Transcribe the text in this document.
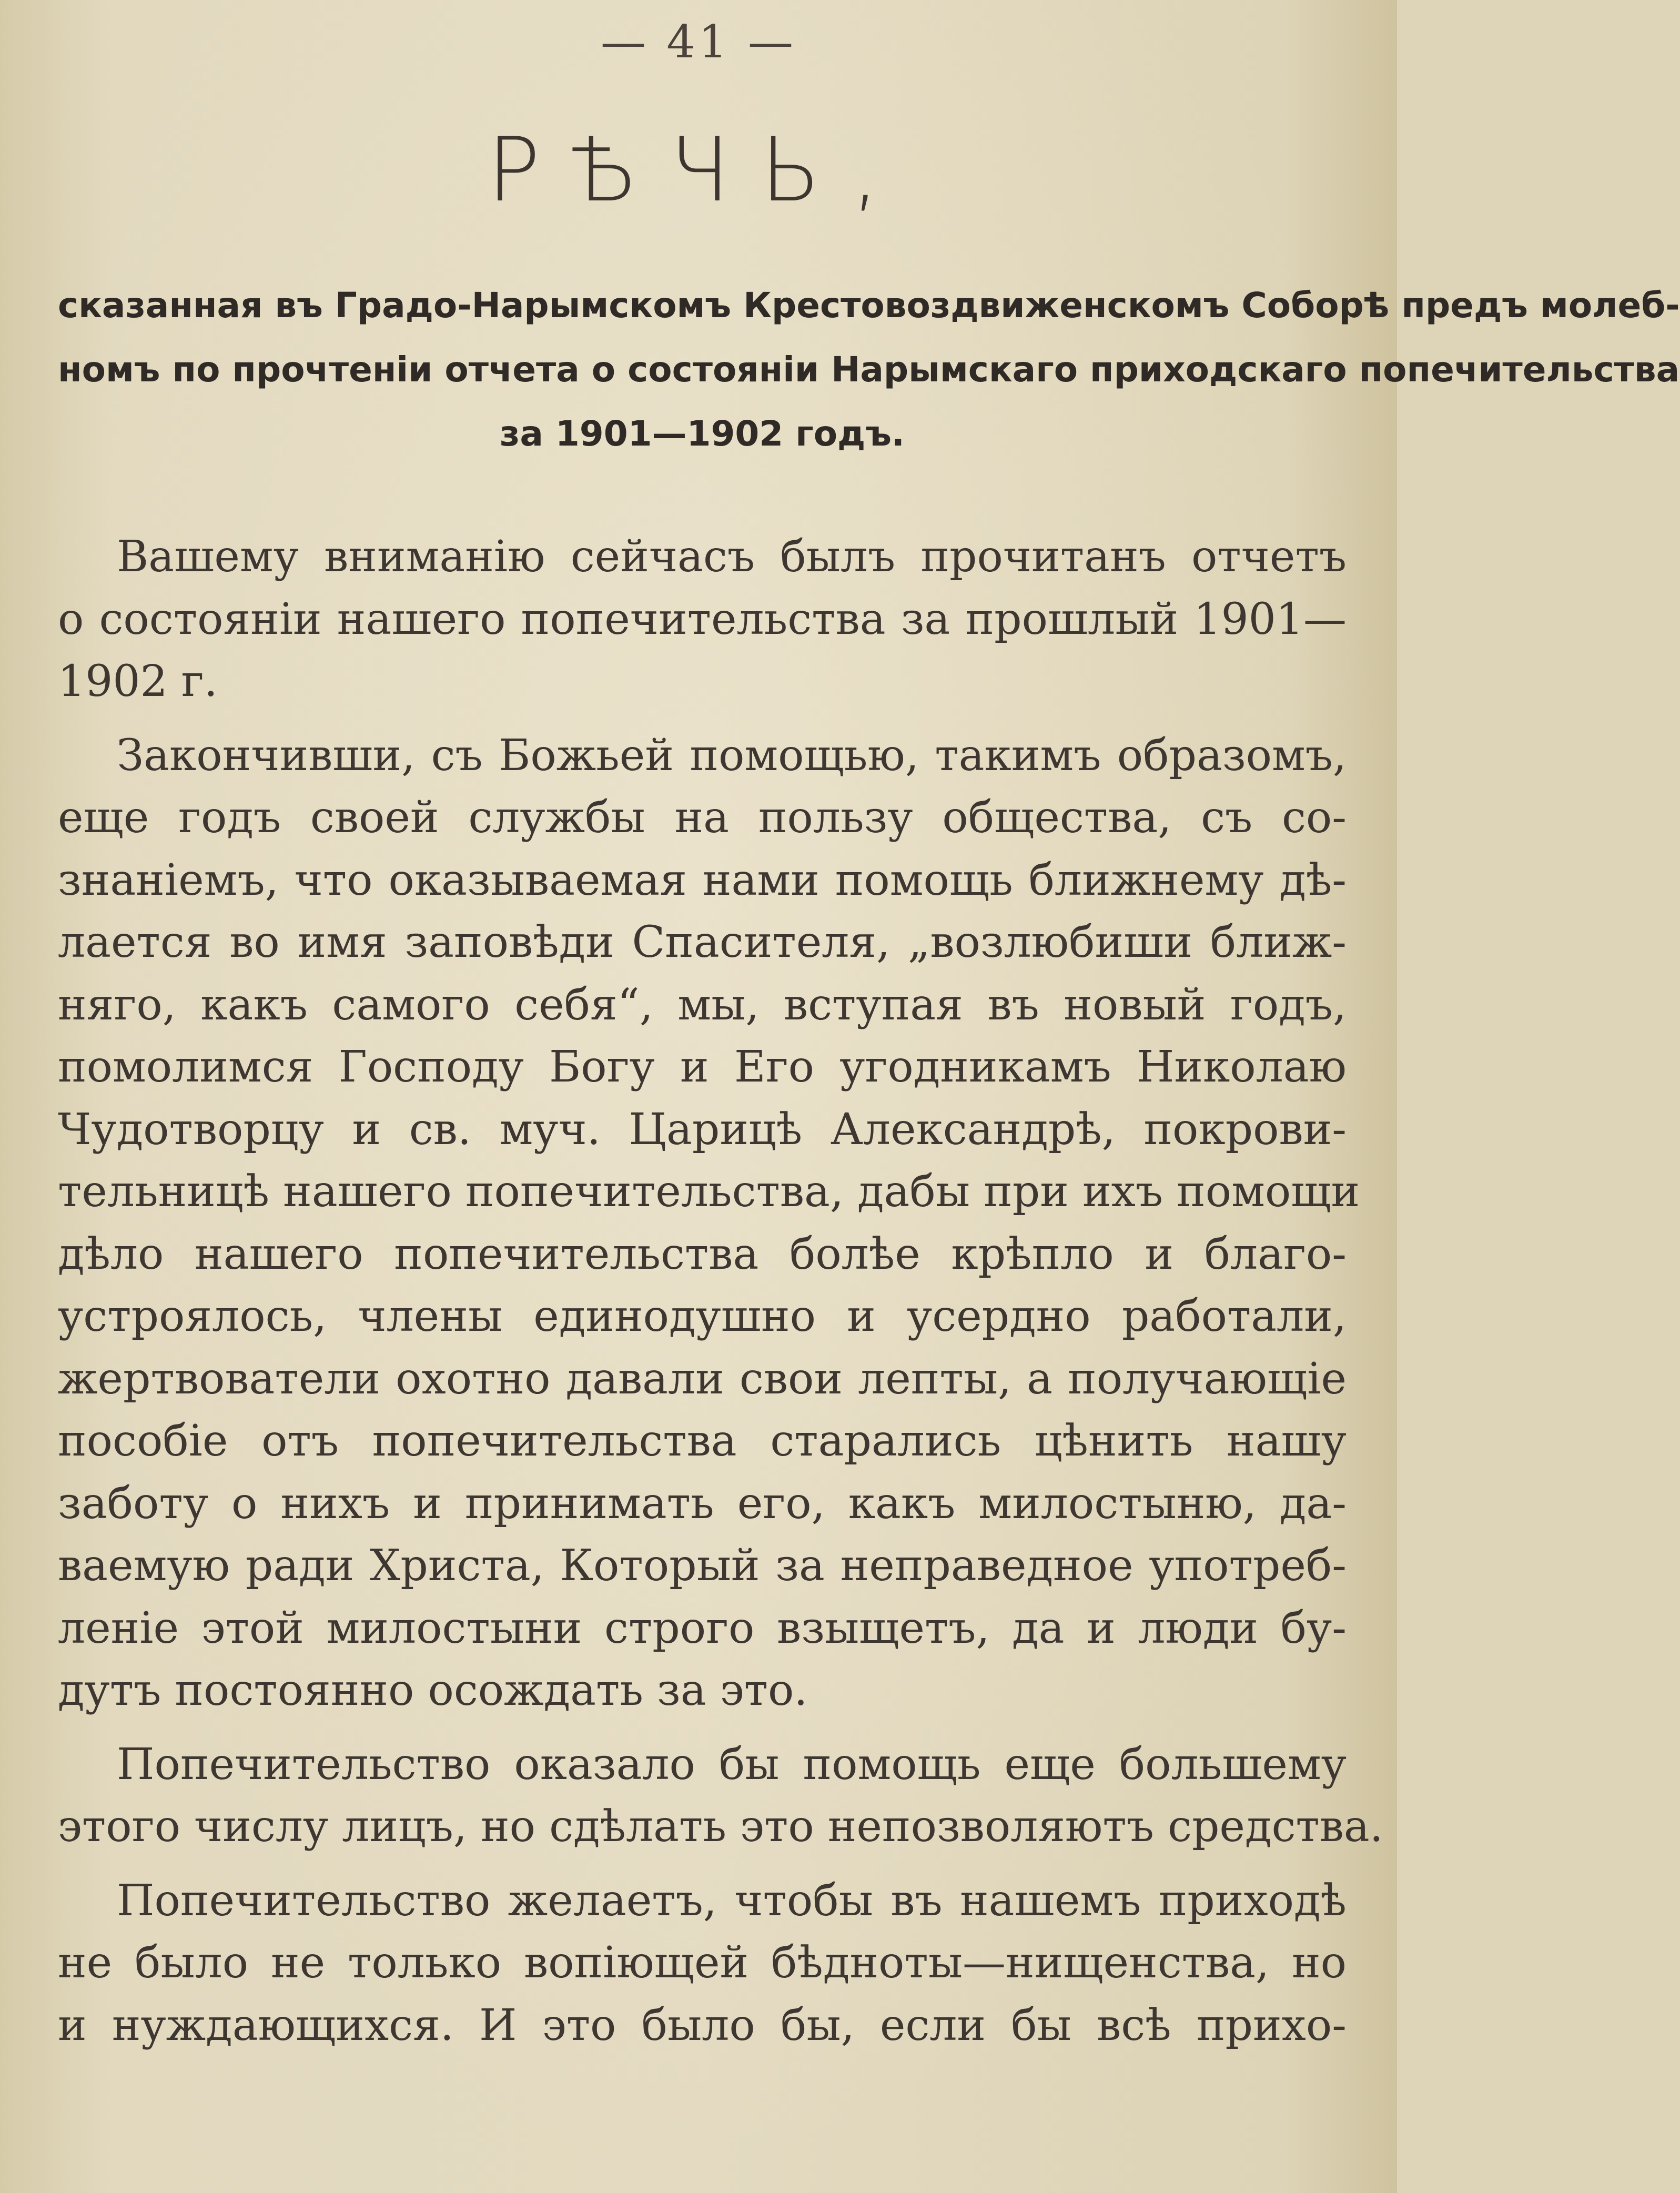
— 41 —
РѢЧЬ,
сказанная въ Градо-Нарымскомъ Крестовоздвиженскомъ Соборѣ предъ молеб-
номъ по прочтеніи отчета о состояніи Нарымскаго приходскаго попечительства
за 1901—1902 годъ.
Вашему вниманію сейчасъ былъ прочитанъ отчетъ
о состояніи нашего попечительства за прошлый 1901—
1902 г.
Закончивши, съ Божьей помощью, такимъ образомъ,
еще годъ своей службы на пользу общества, съ со-
знаніемъ, что оказываемая нами помощь ближнему дѣ-
лается во имя заповѣди Спасителя, „возлюбиши ближ-
няго, какъ самого себя“, мы, вступая въ новый годъ,
помолимся Господу Богу и Его угодникамъ Николаю
Чудотворцу и св. муч. Царицѣ Александрѣ, покрови-
тельницѣ нашего попечительства, дабы при ихъ помощи
дѣло нашего попечительства болѣе крѣпло и благо-
устроялось, члены единодушно и усердно работали,
жертвователи охотно давали свои лепты, а получающіе
пособіе отъ попечительства старались цѣнить нашу
заботу о нихъ и принимать его, какъ милостыню, да-
ваемую ради Христа, Который за неправедное употреб-
леніе этой милостыни строго взыщетъ, да и люди бу-
дутъ постоянно осождать за это.
Попечительство оказало бы помощь еще большему
этого числу лицъ, но сдѣлать это непозволяютъ средства.
Попечительство желаетъ, чтобы въ нашемъ приходѣ
не было не только вопіющей бѣдноты—нищенства, но
и нуждающихся. И это было бы, если бы всѣ прихо-
